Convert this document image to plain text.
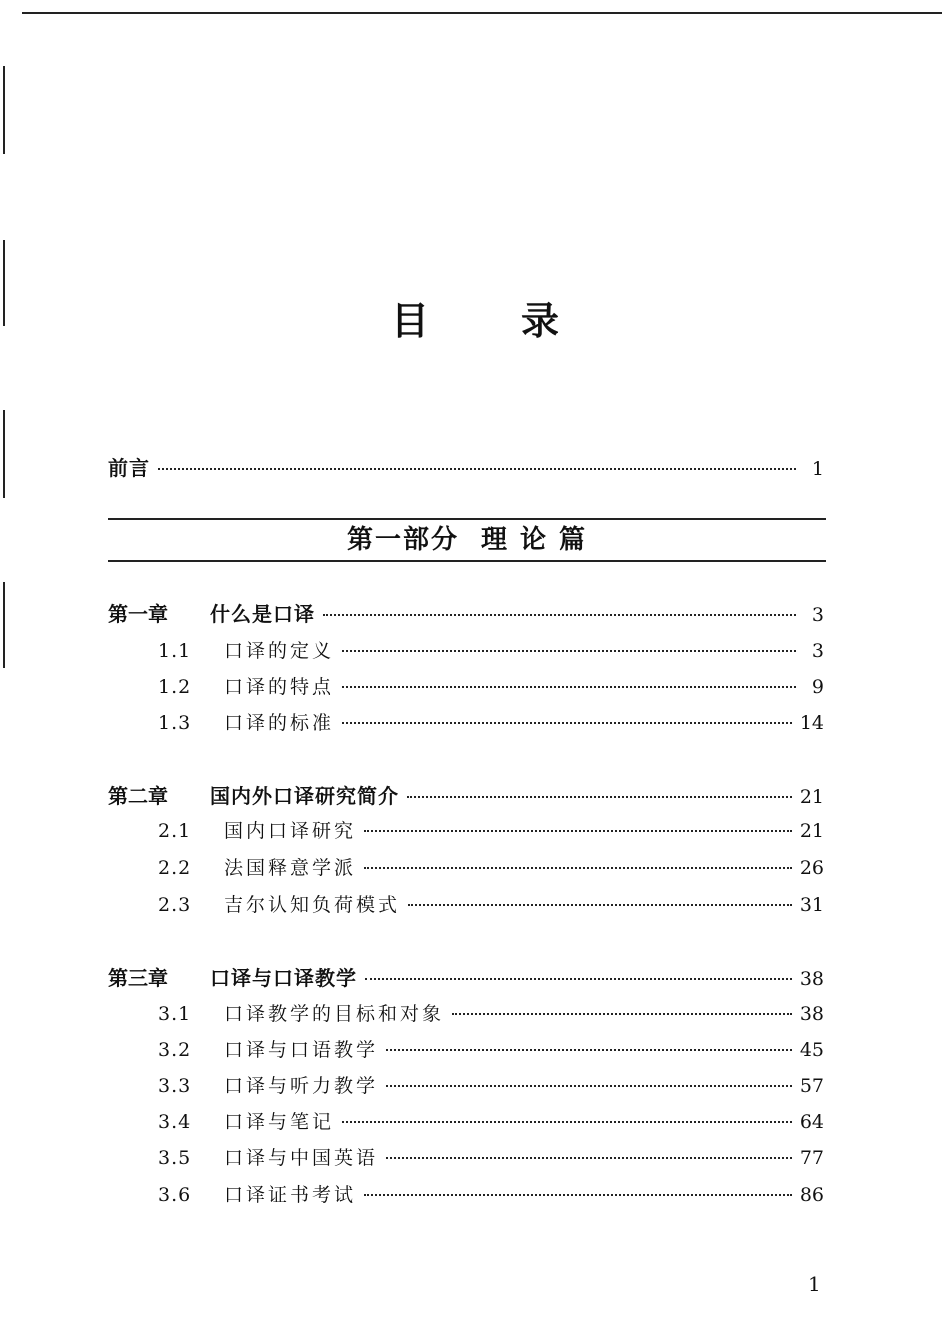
目 录
前言	1
第一部分 理 论 篇
第一章	什么是口译	3
1.1	口译的定义	3
1.2	口译的特点	9
1.3	口译的标准	14
第二章	国内外口译研究简介	21
2.1	国内口译研究	21
2.2	法国释意学派	26
2.3	吉尔认知负荷模式	31
第三章	口译与口译教学	38
3.1	口译教学的目标和对象	38
3.2	口译与口语教学	45
3.3	口译与听力教学	57
3.4	口译与笔记	64
3.5	口译与中国英语	77
3.6	口译证书考试	86
1
